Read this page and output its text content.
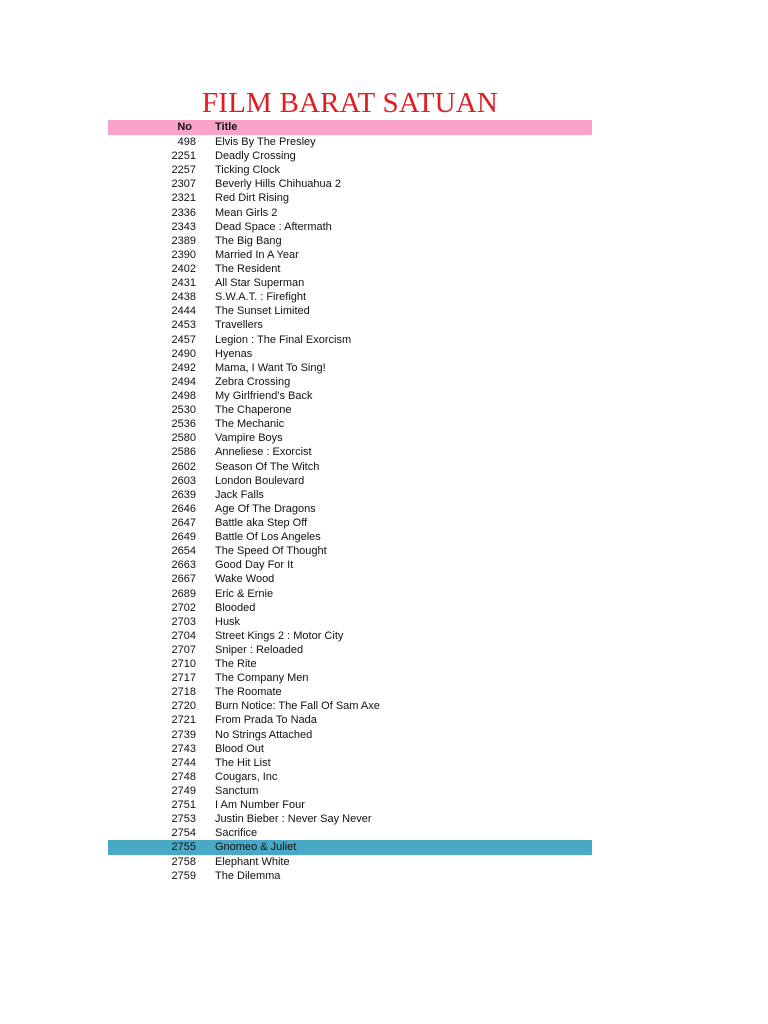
FILM BARAT SATUAN
No Title
498 Elvis By The Presley
2251 Deadly Crossing
2257 Ticking Clock
2307 Beverly Hills Chihuahua 2
2321 Red Dirt Rising
2336 Mean Girls 2
2343 Dead Space : Aftermath
2389 The Big Bang
2390 Married In A Year
2402 The Resident
2431 All Star Superman
2438 S.W.A.T. : Firefight
2444 The Sunset Limited
2453 Travellers
2457 Legion : The Final Exorcism
2490 Hyenas
2492 Mama, I Want To Sing!
2494 Zebra Crossing
2498 My Girlfriend's Back
2530 The Chaperone
2536 The Mechanic
2580 Vampire Boys
2586 Anneliese : Exorcist
2602 Season Of The Witch
2603 London Boulevard
2639 Jack Falls
2646 Age Of The Dragons
2647 Battle aka Step Off
2649 Battle Of Los Angeles
2654 The Speed Of Thought
2663 Good Day For It
2667 Wake Wood
2689 Eric & Ernie
2702 Blooded
2703 Husk
2704 Street Kings 2 : Motor City
2707 Sniper : Reloaded
2710 The Rite
2717 The Company Men
2718 The Roomate
2720 Burn Notice: The Fall Of Sam Axe
2721 From Prada To Nada
2739 No Strings Attached
2743 Blood Out
2744 The Hit List
2748 Cougars, Inc
2749 Sanctum
2751 I Am Number Four
2753 Justin Bieber : Never Say Never
2754 Sacrifice
2755 Gnomeo & Juliet
2758 Elephant White
2759 The Dilemma
